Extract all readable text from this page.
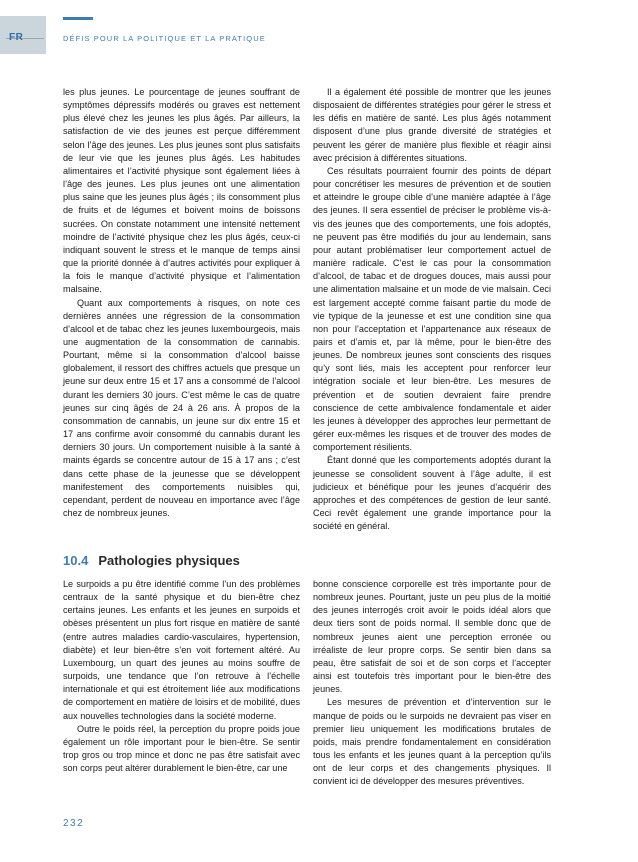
FR	DÉFIS POUR LA POLITIQUE ET LA PRATIQUE

les plus jeunes. Le pourcentage de jeunes souffrant de symptômes dépressifs modérés ou graves est nettement plus élevé chez les jeunes les plus âgés. Par ailleurs, la satisfaction de vie des jeunes est perçue différemment selon l’âge des jeunes. Les plus jeunes sont plus satisfaits de leur vie que les jeunes plus âgés. Les habitudes alimentaires et l’activité physique sont également liées à l’âge des jeunes. Les plus jeunes ont une alimentation plus saine que les jeunes plus âgés ; ils consomment plus de fruits et de légumes et boivent moins de boissons sucrées. On constate notamment une intensité nettement moindre de l’activité physique chez les plus âgés, ceux-ci indiquant souvent le stress et le manque de temps ainsi que la priorité donnée à d’autres activités pour expliquer à la fois le manque d’activité physique et l’alimentation malsaine.

Quant aux comportements à risques, on note ces dernières années une régression de la consommation d’alcool et de tabac chez les jeunes luxembourgeois, mais une augmentation de la consommation de cannabis. Pourtant, même si la consommation d’alcool baisse globalement, il ressort des chiffres actuels que presque un jeune sur deux entre 15 et 17 ans a consommé de l’alcool durant les derniers 30 jours. C’est même le cas de quatre jeunes sur cinq âgés de 24 à 26 ans. À propos de la consommation de cannabis, un jeune sur dix entre 15 et 17 ans confirme avoir consommé du cannabis durant les derniers 30 jours. Un comportement nuisible à la santé à maints égards se concentre autour de 15 à 17 ans ; c’est dans cette phase de la jeunesse que se développent manifestement des comportements nuisibles qui, cependant, perdent de nouveau en importance avec l’âge chez de nombreux jeunes.

Il a également été possible de montrer que les jeunes disposaient de différentes stratégies pour gérer le stress et les défis en matière de santé. Les plus âgés notamment disposent d’une plus grande diversité de stratégies et peuvent les gérer de manière plus flexible et réagir ainsi avec précision à différentes situations.

Ces résultats pourraient fournir des points de départ pour concrétiser les mesures de prévention et de soutien et atteindre le groupe cible d’une manière adaptée à l’âge des jeunes. Il sera essentiel de préciser le problème vis-à-vis des jeunes que des comportements, une fois adoptés, ne peuvent pas être modifiés du jour au lendemain, sans pour autant problématiser leur comportement actuel de manière radicale. C’est le cas pour la consommation d’alcool, de tabac et de drogues douces, mais aussi pour une alimentation malsaine et un mode de vie malsain. Ceci est largement accepté comme faisant partie du mode de vie typique de la jeunesse et est une condition sine qua non pour l’acceptation et l’appartenance aux réseaux de pairs et d’amis et, par là même, pour le bien-être des jeunes. De nombreux jeunes sont conscients des risques qu’y sont liés, mais les acceptent pour renforcer leur intégration sociale et leur bien-être. Les mesures de prévention et de soutien devraient faire prendre conscience de cette ambivalence fondamentale et aider les jeunes à développer des approches leur permettant de gérer eux-mêmes les risques et de trouver des modes de comportement résilients.

Étant donné que les comportements adoptés durant la jeunesse se consolident souvent à l’âge adulte, il est judicieux et bénéfique pour les jeunes d’acquérir des approches et des compétences de gestion de leur santé. Ceci revêt également une grande importance pour la société en général.

10.4 Pathologies physiques

Le surpoids a pu être identifié comme l’un des problèmes centraux de la santé physique et du bien-être chez certains jeunes. Les enfants et les jeunes en surpoids et obèses présentent un plus fort risque en matière de santé (entre autres maladies cardio-vasculaires, hypertension, diabète) et leur bien-être s’en voit fortement altéré. Au Luxembourg, un quart des jeunes au moins souffre de surpoids, une tendance que l’on retrouve à l’échelle internationale et qui est étroitement liée aux modifications de comportement en matière de loisirs et de mobilité, dues aux nouvelles technologies dans la société moderne.

Outre le poids réel, la perception du propre poids joue également un rôle important pour le bien-être. Se sentir trop gros ou trop mince et donc ne pas être satisfait avec son corps peut altérer durablement le bien-être, car une

bonne conscience corporelle est très importante pour de nombreux jeunes. Pourtant, juste un peu plus de la moitié des jeunes interrogés croit avoir le poids idéal alors que deux tiers sont de poids normal. Il semble donc que de nombreux jeunes aient une perception erronée ou irréaliste de leur propre corps. Se sentir bien dans sa peau, être satisfait de soi et de son corps et l’accepter ainsi est toutefois très important pour le bien-être des jeunes.

Les mesures de prévention et d’intervention sur le manque de poids ou le surpoids ne devraient pas viser en premier lieu uniquement les modifications brutales de poids, mais prendre fondamentalement en considération tous les enfants et les jeunes quant à la perception qu’ils ont de leur corps et des changements physiques. Il convient ici de développer des mesures préventives.

232
